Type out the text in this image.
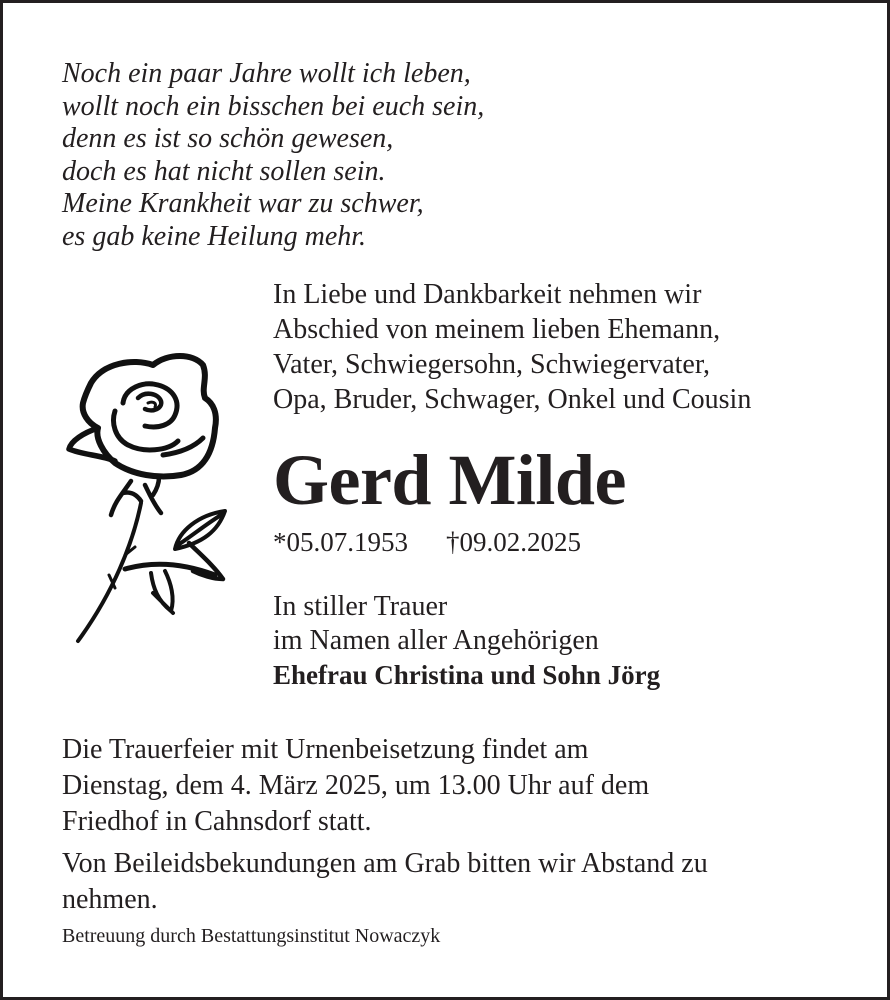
Noch ein paar Jahre wollt ich leben,
wollt noch ein bisschen bei euch sein,
denn es ist so schön gewesen,
doch es hat nicht sollen sein.
Meine Krankheit war zu schwer,
es gab keine Heilung mehr.
In Liebe und Dankbarkeit nehmen wir
Abschied von meinem lieben Ehemann,
Vater, Schwiegersohn, Schwiegervater,
Opa, Bruder, Schwager, Onkel und Cousin
Gerd Milde
*05.07.1953 †09.02.2025
In stiller Trauer
im Namen aller Angehörigen
Ehefrau Christina und Sohn Jörg
Die Trauerfeier mit Urnenbeisetzung findet am
Dienstag, dem 4. März 2025, um 13.00 Uhr auf dem
Friedhof in Cahnsdorf statt.
Von Beileidsbekundungen am Grab bitten wir Abstand zu
nehmen.
Betreuung durch Bestattungsinstitut Nowaczyk
